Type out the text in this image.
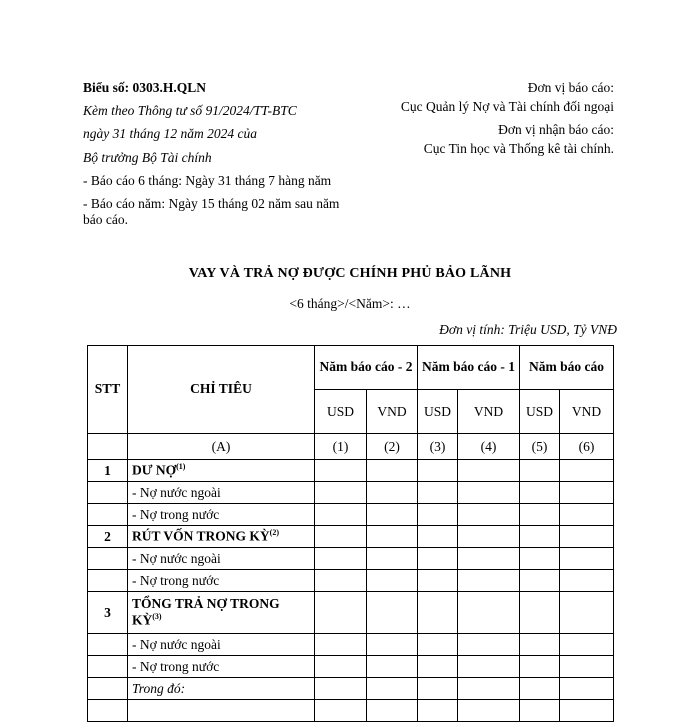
Biểu số: 0303.H.QLN
Kèm theo Thông tư số 91/2024/TT-BTC
ngày 31 tháng 12 năm 2024 của
Bộ trưởng Bộ Tài chính
- Báo cáo 6 tháng: Ngày 31 tháng 7 hàng năm
- Báo cáo năm: Ngày 15 tháng 02 năm sau năm báo cáo.
Đơn vị báo cáo:
Cục Quản lý Nợ và Tài chính đối ngoại
Đơn vị nhận báo cáo:
Cục Tin học và Thống kê tài chính.
VAY VÀ TRẢ NỢ ĐƯỢC CHÍNH PHỦ BẢO LÃNH
<6 tháng>/<Năm>: …
Đơn vị tính: Triệu USD, Tỷ VNĐ
STT	CHỈ TIÊU	Năm báo cáo - 2		Năm báo cáo - 1		Năm báo cáo	
		USD	VND	USD	VND	USD	VND
	(A)	(1)	(2)	(3)	(4)	(5)	(6)
1	DƯ NỢ$^{(1)}$						
	- Nợ nước ngoài						
	- Nợ trong nước						
2	RÚT VỐN TRONG KỲ$^{(2)}$						
	- Nợ nước ngoài						
	- Nợ trong nước						
3	TỔNG TRẢ NỢ TRONG KỲ$^{(3)}$						
	- Nợ nước ngoài						
	- Nợ trong nước						
	Trong đó:						
